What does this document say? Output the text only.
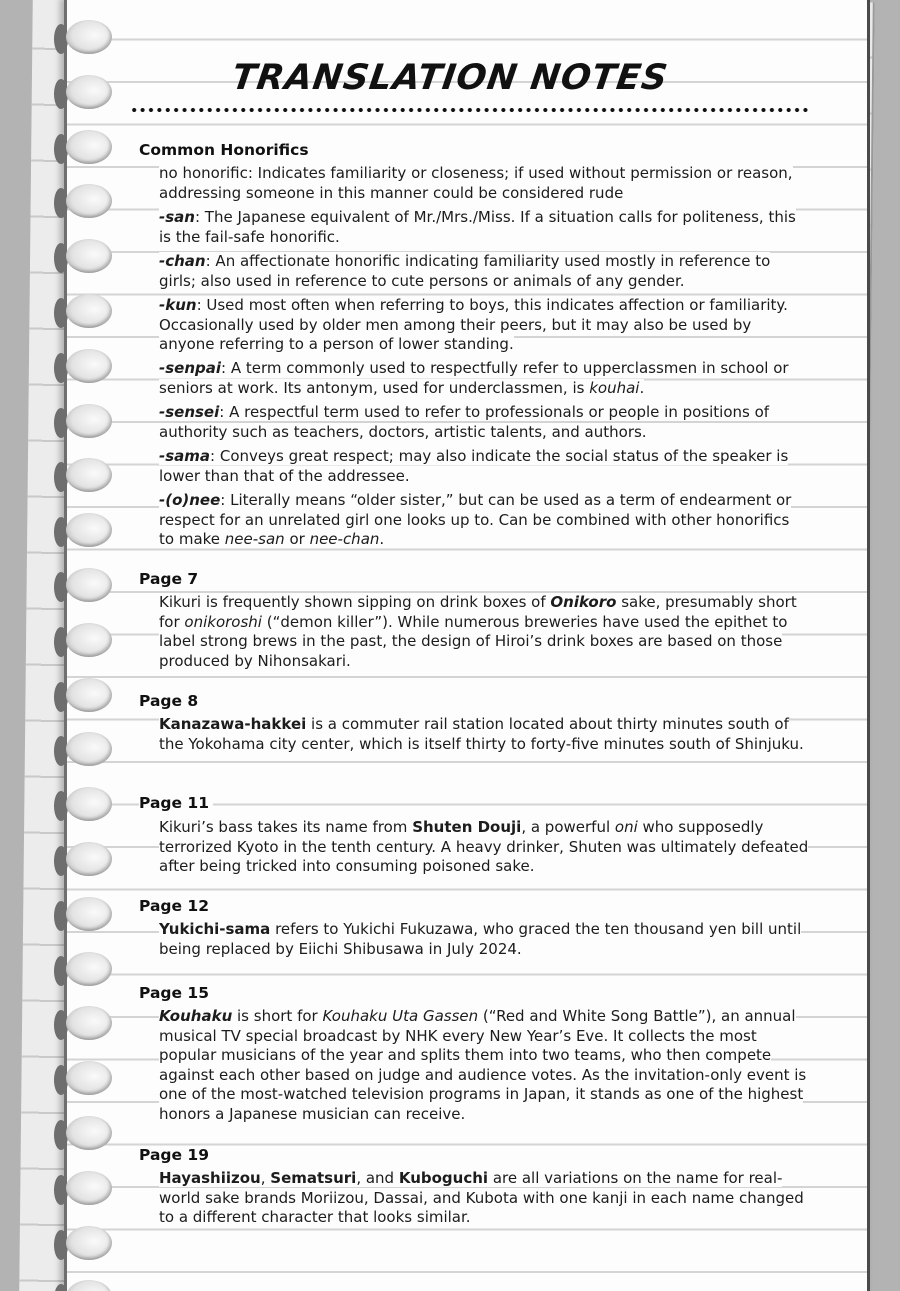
TRANSLATION NOTES
Common Honorifics
no honorific: Indicates familiarity or closeness; if used without permission or reason, addressing someone in this manner could be considered rude
-san: The Japanese equivalent of Mr./Mrs./Miss. If a situation calls for politeness, this is the fail-safe honorific.
-chan: An affectionate honorific indicating familiarity used mostly in reference to girls; also used in reference to cute persons or animals of any gender.
-kun: Used most often when referring to boys, this indicates affection or familiarity. Occasionally used by older men among their peers, but it may also be used by anyone referring to a person of lower standing.
-senpai: A term commonly used to respectfully refer to upperclassmen in school or seniors at work. Its antonym, used for underclassmen, is kouhai.
-sensei: A respectful term used to refer to professionals or people in positions of authority such as teachers, doctors, artistic talents, and authors.
-sama: Conveys great respect; may also indicate the social status of the speaker is lower than that of the addressee.
-(o)nee: Literally means “older sister,” but can be used as a term of endearment or respect for an unrelated girl one looks up to. Can be combined with other honorifics to make nee-san or nee-chan.
Page 7
Kikuri is frequently shown sipping on drink boxes of Onikoro sake, presumably short for onikoroshi (“demon killer”). While numerous breweries have used the epithet to label strong brews in the past, the design of Hiroi’s drink boxes are based on those produced by Nihonsakari.
Page 8
Kanazawa-hakkei is a commuter rail station located about thirty minutes south of the Yokohama city center, which is itself thirty to forty-five minutes south of Shinjuku.
Page 11
Kikuri’s bass takes its name from Shuten Douji, a powerful oni who supposedly terrorized Kyoto in the tenth century. A heavy drinker, Shuten was ultimately defeated after being tricked into consuming poisoned sake.
Page 12
Yukichi-sama refers to Yukichi Fukuzawa, who graced the ten thousand yen bill until being replaced by Eiichi Shibusawa in July 2024.
Page 15
Kouhaku is short for Kouhaku Uta Gassen (“Red and White Song Battle”), an annual musical TV special broadcast by NHK every New Year’s Eve. It collects the most popular musicians of the year and splits them into two teams, who then compete against each other based on judge and audience votes. As the invitation-only event is one of the most-watched television programs in Japan, it stands as one of the highest honors a Japanese musician can receive.
Page 19
Hayashiizou, Sematsuri, and Kuboguchi are all variations on the name for real-world sake brands Moriizou, Dassai, and Kubota with one kanji in each name changed to a different character that looks similar.
